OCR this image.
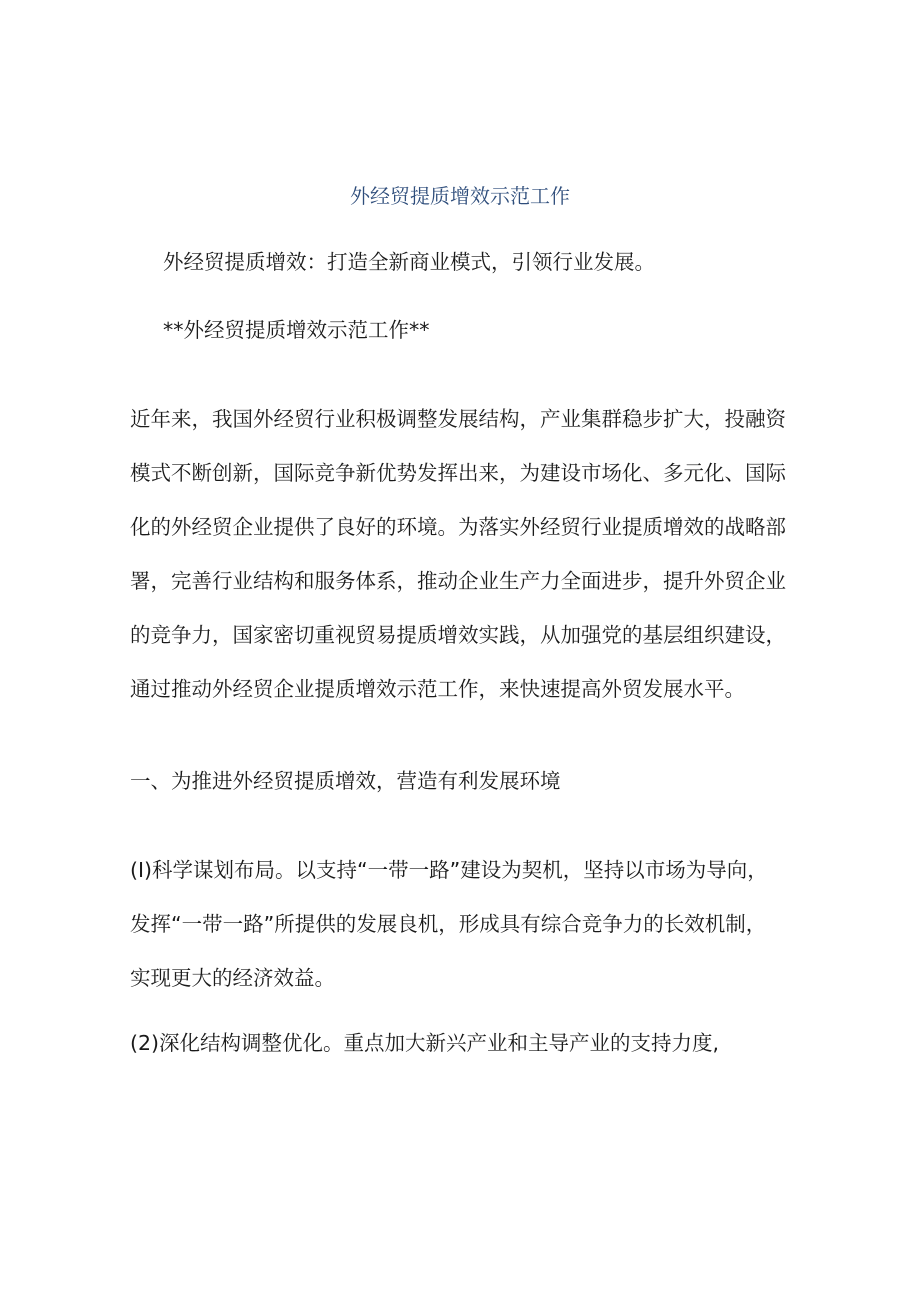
外经贸提质增效示范工作
外经贸提质增效：打造全新商业模式，引领行业发展。
**外经贸提质增效示范工作**
近年来，我国外经贸行业积极调整发展结构，产业集群稳步扩大，投融资
模式不断创新，国际竞争新优势发挥出来，为建设市场化、多元化、国际
化的外经贸企业提供了良好的环境。为落实外经贸行业提质增效的战略部
署，完善行业结构和服务体系，推动企业生产力全面进步，提升外贸企业
的竞争力，国家密切重视贸易提质增效实践，从加强党的基层组织建设，
通过推动外经贸企业提质增效示范工作，来快速提高外贸发展水平。
一、为推进外经贸提质增效，营造有利发展环境
(I)科学谋划布局。以支持“一带一路”建设为契机，坚持以市场为导向，
发挥“一带一路”所提供的发展良机，形成具有综合竞争力的长效机制，
实现更大的经济效益。
(2)深化结构调整优化。重点加大新兴产业和主导产业的支持力度,
